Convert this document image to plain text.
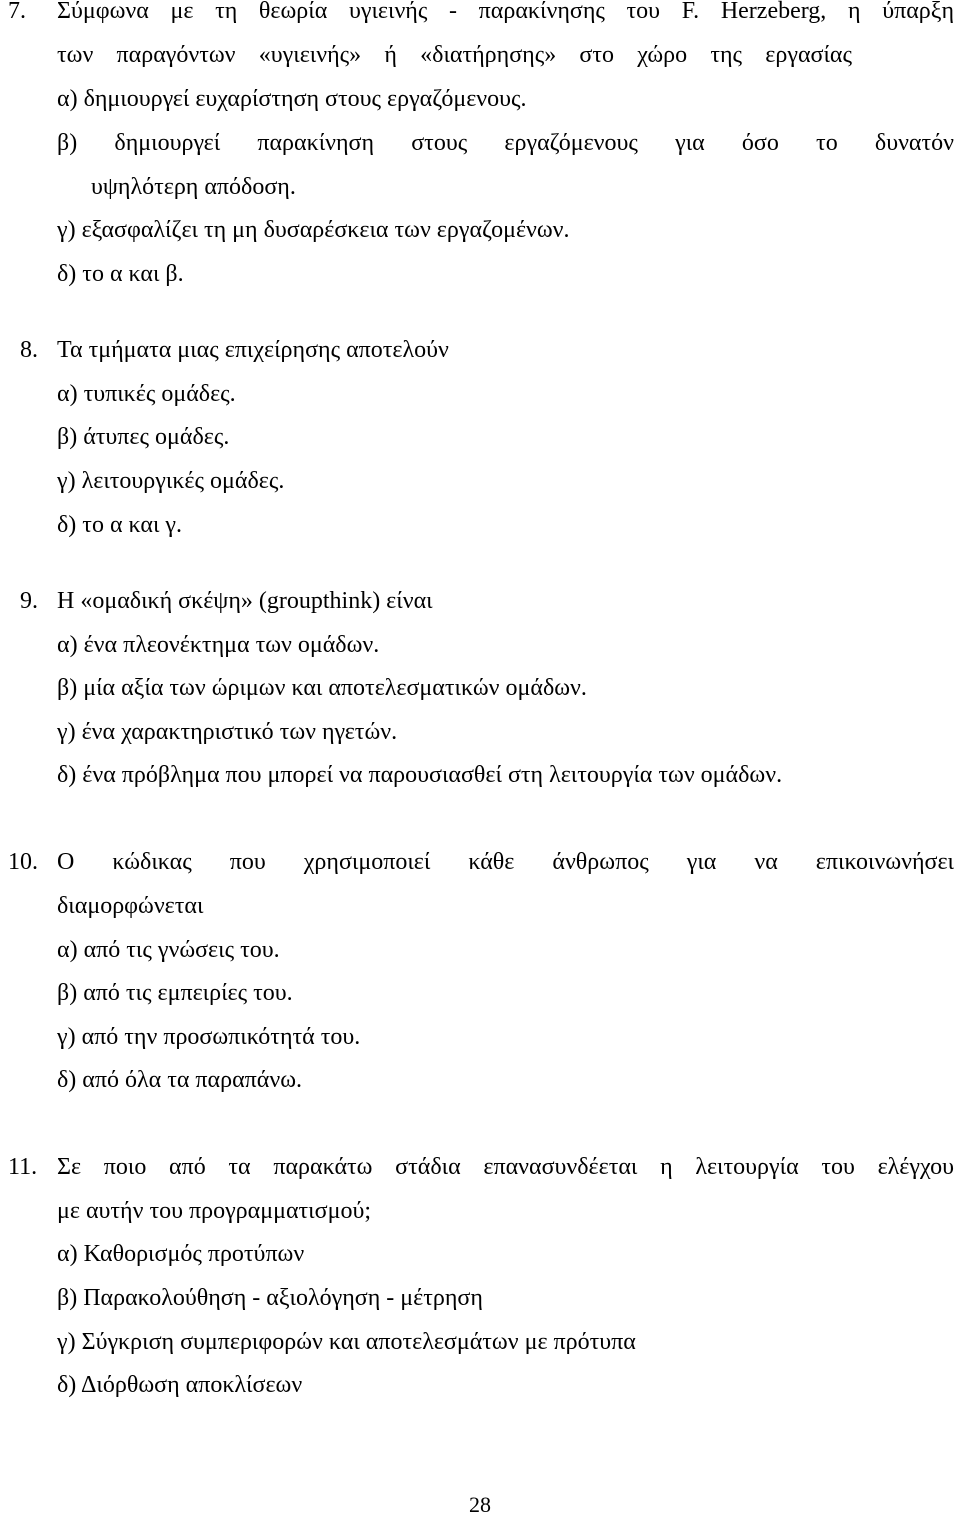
7. Σύμφωνα με τη θεωρία υγιεινής - παρακίνησης του F. Herzeberg, η ύπαρξη
των παραγόντων «υγιεινής» ή «διατήρησης» στο χώρο της εργασίας
α) δημιουργεί ευχαρίστηση στους εργαζόμενους.
β) δημιουργεί παρακίνηση στους εργαζόμενους για όσο το δυνατόν
υψηλότερη απόδοση.
γ) εξασφαλίζει τη μη δυσαρέσκεια των εργαζομένων.
δ) το α και β.
8. Τα τμήματα μιας επιχείρησης αποτελούν
α) τυπικές ομάδες.
β) άτυπες ομάδες.
γ) λειτουργικές ομάδες.
δ) το α και γ.
9. Η «ομαδική σκέψη» (groupthink) είναι
α) ένα πλεονέκτημα των ομάδων.
β) μία αξία των ώριμων και αποτελεσματικών ομάδων.
γ) ένα χαρακτηριστικό των ηγετών.
δ) ένα πρόβλημα που μπορεί να παρουσιασθεί στη λειτουργία των ομάδων.
10. Ο κώδικας που χρησιμοποιεί κάθε άνθρωπος για να επικοινωνήσει
διαμορφώνεται
α) από τις γνώσεις του.
β) από τις εμπειρίες του.
γ) από την προσωπικότητά του.
δ) από όλα τα παραπάνω.
11. Σε ποιο από τα παρακάτω στάδια επανασυνδέεται η λειτουργία του ελέγχου
με αυτήν του προγραμματισμού;
α) Καθορισμός προτύπων
β) Παρακολούθηση - αξιολόγηση - μέτρηση
γ) Σύγκριση συμπεριφορών και αποτελεσμάτων με πρότυπα
δ) Διόρθωση αποκλίσεων
28
